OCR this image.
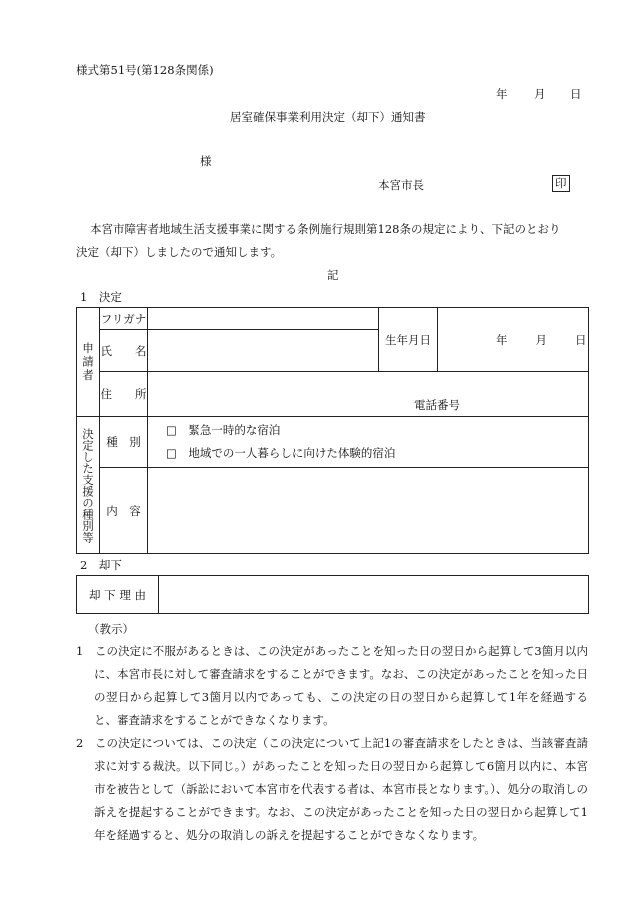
様式第51号(第128条関係)
年 月 日
居室確保事業利用決定（却下）通知書
様
本宮市長	印
本宮市障害者地域生活支援事業に関する条例施行規則第128条の規定により、下記のとおり
決定（却下）しましたので通知します。
記
1　決定
申請者	フリガナ		生年月日	年 月 日
	氏　　名			
	住　　所	電話番号		

決定した支援の種別等	種　別	□　 緊急一時的な宿泊
□　 地域での一人暮らしに向けた体験的宿泊		

	内　容			
2　却下
却 下 理 由	
（教示）

1　この決定に不服があるときは、この決定があったことを知った日の翌日から起算して3箇月以内に、本宮市長に対して審査請求をすることができます。なお、この決定があったことを知った日の翌日から起算して3箇月以内であっても、この決定の日の翌日から起算して1年を経過すると、審査請求をすることができなくなります。

2　この決定については、この決定（この決定について上記1の審査請求をしたときは、当該審査請求に対する裁決。以下同じ。）があったことを知った日の翌日から起算して6箇月以内に、本宮市を被告として（訴訟において本宮市を代表する者は、本宮市長となります。）、処分の取消しの訴えを提起することができます。なお、この決定があったことを知った日の翌日から起算して1年を経過すると、処分の取消しの訴えを提起することができなくなります。
